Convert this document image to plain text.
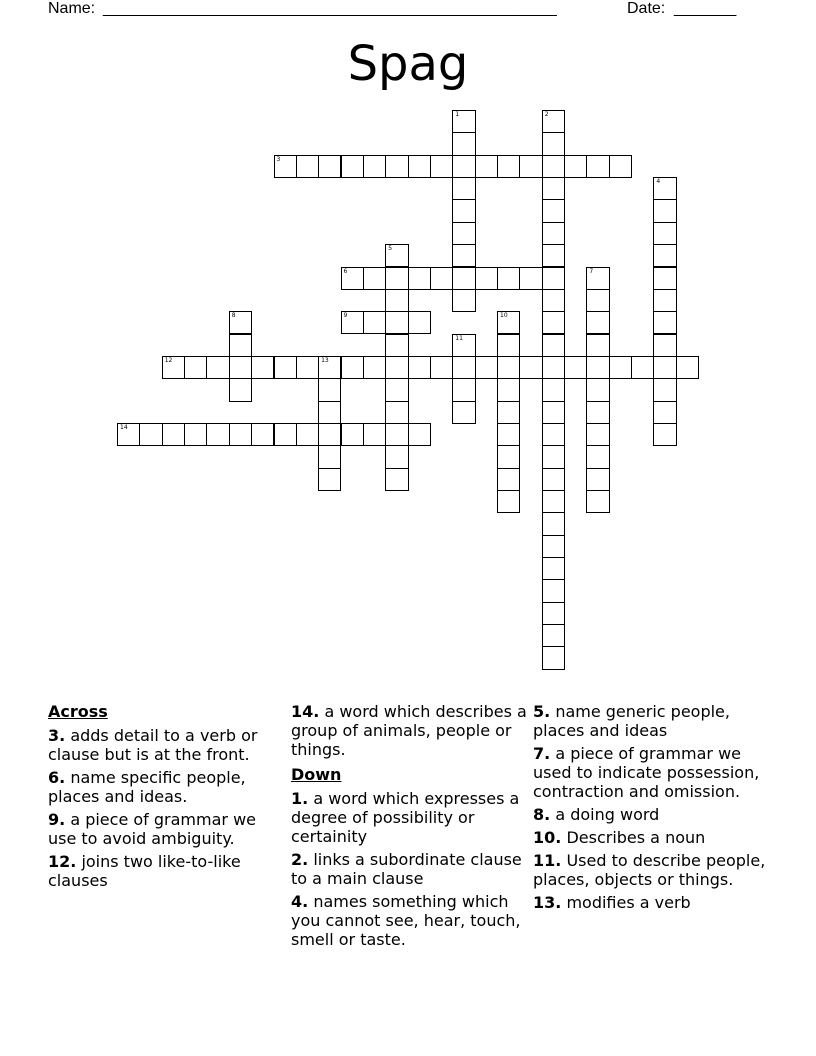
Name: ___________________________________________________	Date: _______
Spag
1	2
3
4
5
6	7
8	9	10
11
12	13
14
Across
3. adds detail to a verb or clause but is at the front.
6. name specific people, places and ideas.
9. a piece of grammar we use to avoid ambiguity.
12. joins two like-to-like clauses
14. a word which describes a group of animals, people or things.
Down
1. a word which expresses a degree of possibility or certainity
2. links a subordinate clause to a main clause
4. names something which you cannot see, hear, touch, smell or taste.
5. name generic people, places and ideas
7. a piece of grammar we used to indicate possession, contraction and omission.
8. a doing word
10. Describes a noun
11. Used to describe people, places, objects or things.
13. modifies a verb
